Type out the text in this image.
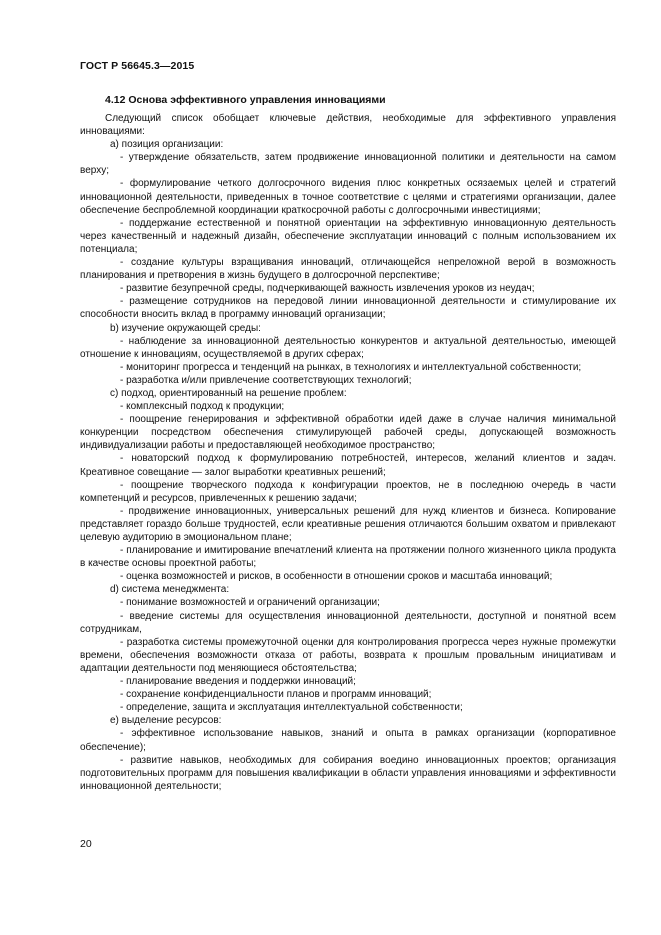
ГОСТ Р 56645.3—2015
4.12 Основа эффективного управления инновациями

Следующий список обобщает ключевые действия, необходимые для эффективного управления инновациями:

a) позиция организации:

- утверждение обязательств, затем продвижение инновационной политики и деятельности на самом верху;

- формулирование четкого долгосрочного видения плюс конкретных осязаемых целей и стратегий инновационной деятельности, приведенных в точное соответствие с целями и стратегиями организации, далее обеспечение беспроблемной координации краткосрочной работы с долгосрочными инвестициями;

- поддержание естественной и понятной ориентации на эффективную инновационную деятельность через качественный и надежный дизайн, обеспечение эксплуатации инноваций с полным использованием их потенциала;

- создание культуры взращивания инноваций, отличающейся непреложной верой в возможность планирования и претворения в жизнь будущего в долгосрочной перспективе;

- развитие безупречной среды, подчеркивающей важность извлечения уроков из неудач;

- размещение сотрудников на передовой линии инновационной деятельности и стимулирование их способности вносить вклад в программу инноваций организации;

b) изучение окружающей среды:

- наблюдение за инновационной деятельностью конкурентов и актуальной деятельностью, имеющей отношение к инновациям, осуществляемой в других сферах;

- мониторинг прогресса и тенденций на рынках, в технологиях и интеллектуальной собственности;

- разработка и/или привлечение соответствующих технологий;

c) подход, ориентированный на решение проблем:

- комплексный подход к продукции;

- поощрение генерирования и эффективной обработки идей даже в случае наличия минимальной конкуренции посредством обеспечения стимулирующей рабочей среды, допускающей возможность индивидуализации работы и предоставляющей необходимое пространство;

- новаторский подход к формулированию потребностей, интересов, желаний клиентов и задач. Креативное совещание — залог выработки креативных решений;

- поощрение творческого подхода к конфигурации проектов, не в последнюю очередь в части компетенций и ресурсов, привлеченных к решению задачи;

- продвижение инновационных, универсальных решений для нужд клиентов и бизнеса. Копирование представляет гораздо больше трудностей, если креативные решения отличаются большим охватом и привлекают целевую аудиторию в эмоциональном плане;

- планирование и имитирование впечатлений клиента на протяжении полного жизненного цикла продукта в качестве основы проектной работы;

- оценка возможностей и рисков, в особенности в отношении сроков и масштаба инноваций;

d) система менеджмента:

- понимание возможностей и ограничений организации;

- введение системы для осуществления инновационной деятельности, доступной и понятной всем сотрудникам,

- разработка системы промежуточной оценки для контролирования прогресса через нужные промежутки времени, обеспечения возможности отказа от работы, возврата к прошлым провальным инициативам и адаптации деятельности под меняющиеся обстоятельства;

- планирование введения и поддержки инноваций;

- сохранение конфиденциальности планов и программ инноваций;

- определение, защита и эксплуатация интеллектуальной собственности;

e) выделение ресурсов:

- эффективное использование навыков, знаний и опыта в рамках организации (корпоративное обеспечение);

- развитие навыков, необходимых для собирания воедино инновационных проектов; организация подготовительных программ для повышения квалификации в области управления инновациями и эффективности инновационной деятельности;

20
